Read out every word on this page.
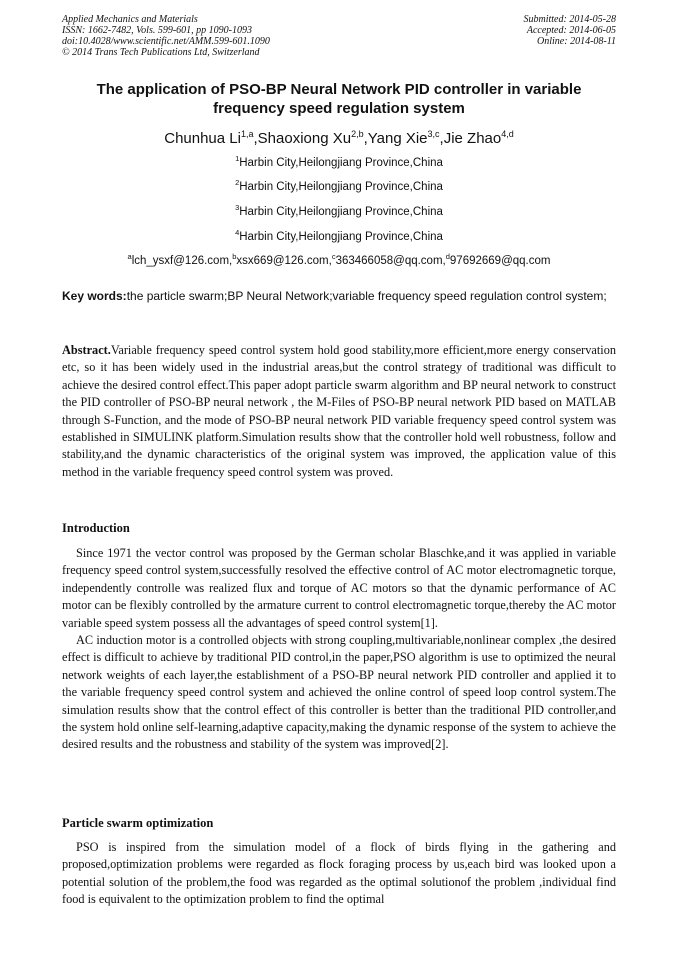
Applied Mechanics and Materials
ISSN: 1662-7482, Vols. 599-601, pp 1090-1093
doi:10.4028/www.scientific.net/AMM.599-601.1090
© 2014 Trans Tech Publications Ltd, Switzerland
Submitted: 2014-05-28
Accepted: 2014-06-05
Online: 2014-08-11
The application of PSO-BP Neural Network PID controller in variable frequency speed regulation system
Chunhua Li$^{1,a}$,Shaoxiong Xu$^{2,b}$,Yang Xie$^{3,c}$,Jie Zhao$^{4,d}$
$^1$Harbin City,Heilongjiang Province,China
$^2$Harbin City,Heilongjiang Province,China
$^3$Harbin City,Heilongjiang Province,China
$^4$Harbin City,Heilongjiang Province,China
$^a$lch_ysxf@126.com,$^b$xsx669@126.com,$^c$363466058@qq.com,$^d$97692669@qq.com
Key words:the particle swarm;BP Neural Network;variable frequency speed regulation control system;
Abstract.Variable frequency speed control system hold good stability,more efficient,more energy conservation etc, so it has been widely used in the industrial areas,but the control strategy of traditional was difficult to achieve the desired control effect.This paper adopt particle swarm algorithm and BP neural network to construct the PID controller of PSO-BP neural network , the M-Files of PSO-BP neural network PID based on MATLAB through S-Function, and the mode of PSO-BP neural network PID variable frequency speed control system was established in SIMULINK platform.Simulation results show that the controller hold well robustness, follow and stability,and the dynamic characteristics of the original system was improved, the application value of this method in the variable frequency speed control system was proved.
Introduction

Since 1971 the vector control was proposed by the German scholar Blaschke,and it was applied in variable frequency speed control system,successfully resolved the effective control of AC motor electromagnetic torque, independently controlle was realized flux and torque of AC motors so that the dynamic performance of AC motor can be flexibly controlled by the armature current to control electromagnetic torque,thereby the AC motor variable speed system possess all the advantages of speed control system[1].

AC induction motor is a controlled objects with strong coupling,multivariable,nonlinear complex ,the desired effect is difficult to achieve by traditional PID control,in the paper,PSO algorithm is use to optimized the neural network weights of each layer,the establishment of a PSO-BP neural network PID controller and applied it to the variable frequency speed control system and achieved the online control of speed loop control system.The simulation results show that the control effect of this controller is better than the traditional PID controller,and the system hold online self-learning,adaptive capacity,making the dynamic response of the system to achieve the desired results and the robustness and stability of the system was improved[2].

Particle swarm optimization

PSO is inspired from the simulation model of a flock of birds flying in the gathering and proposed,optimization problems were regarded as flock foraging process by us,each bird was looked upon a potential solution of the problem,the food was regarded as the optimal solutionof the problem ,individual find food is equivalent to the optimization problem to find the optimal
